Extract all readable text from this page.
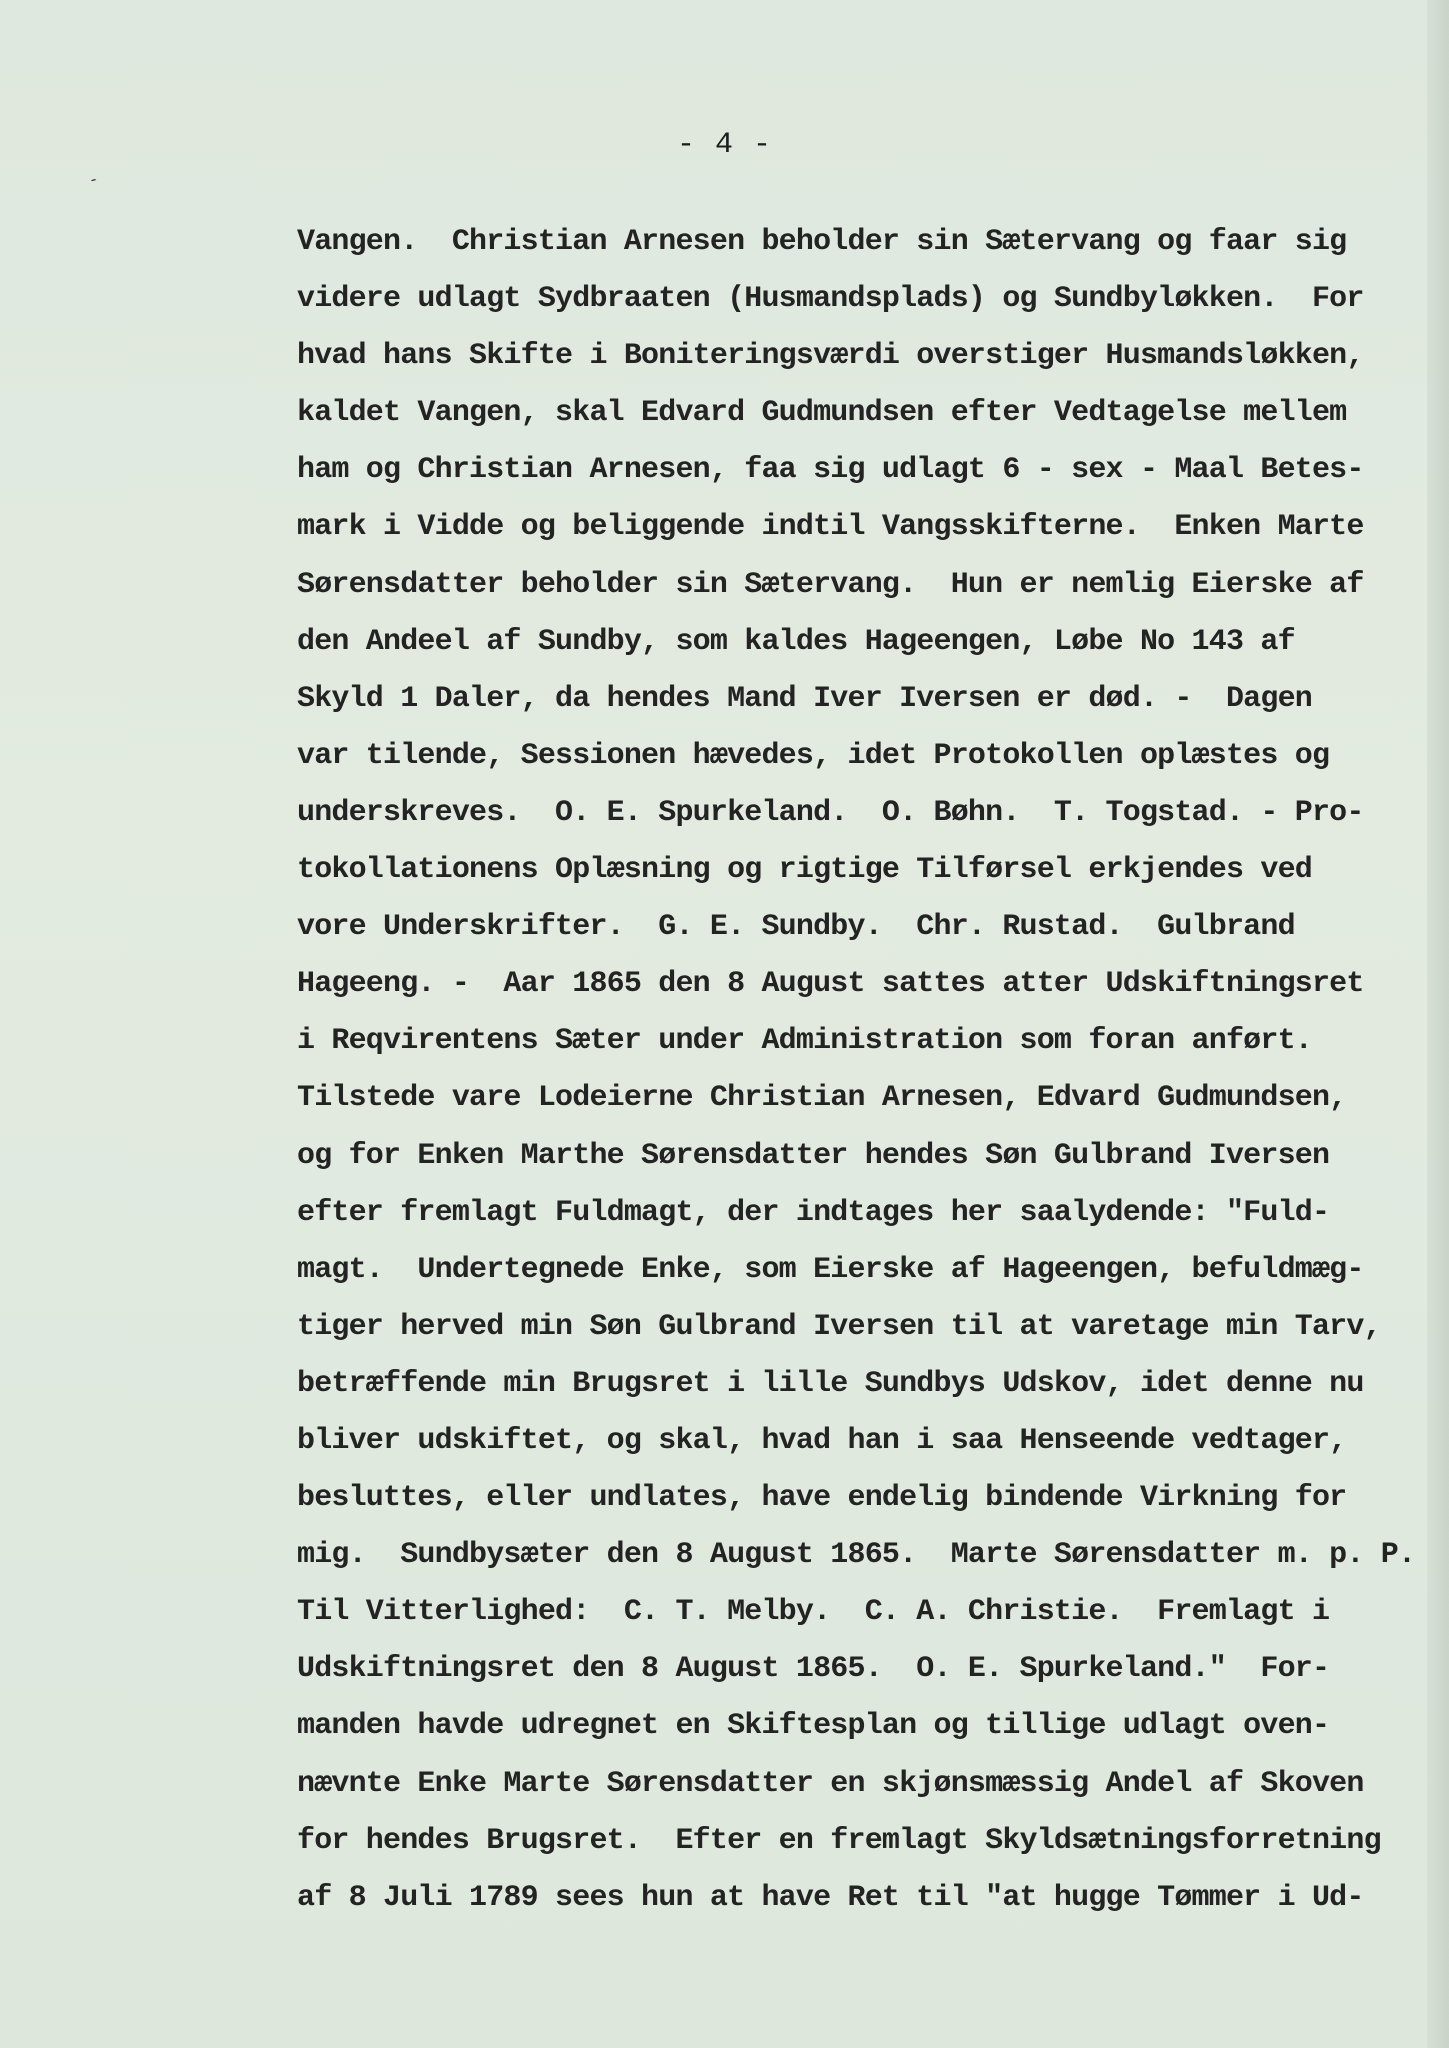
´
- 4 -
Vangen.  Christian Arnesen beholder sin Sætervang og faar sig
videre udlagt Sydbraaten (Husmandsplads) og Sundbyløkken.  For
hvad hans Skifte i Boniteringsværdi overstiger Husmandsløkken,
kaldet Vangen, skal Edvard Gudmundsen efter Vedtagelse mellem
ham og Christian Arnesen, faa sig udlagt 6 - sex - Maal Betes-
mark i Vidde og beliggende indtil Vangsskifterne.  Enken Marte
Sørensdatter beholder sin Sætervang.  Hun er nemlig Eierske af
den Andeel af Sundby, som kaldes Hageengen, Løbe No 143 af
Skyld 1 Daler, da hendes Mand Iver Iversen er død. -  Dagen
var tilende, Sessionen hævedes, idet Protokollen oplæstes og
underskreves.  O. E. Spurkeland.  O. Bøhn.  T. Togstad. - Pro-
tokollationens Oplæsning og rigtige Tilførsel erkjendes ved
vore Underskrifter.  G. E. Sundby.  Chr. Rustad.  Gulbrand
Hageeng. -  Aar 1865 den 8 August sattes atter Udskiftningsret
i Reqvirentens Sæter under Administration som foran anført.
Tilstede vare Lodeierne Christian Arnesen, Edvard Gudmundsen,
og for Enken Marthe Sørensdatter hendes Søn Gulbrand Iversen
efter fremlagt Fuldmagt, der indtages her saalydende: "Fuld-
magt.  Undertegnede Enke, som Eierske af Hageengen, befuldmæg-
tiger herved min Søn Gulbrand Iversen til at varetage min Tarv,
betræffende min Brugsret i lille Sundbys Udskov, idet denne nu
bliver udskiftet, og skal, hvad han i saa Henseende vedtager,
besluttes, eller undlates, have endelig bindende Virkning for
mig.  Sundbysæter den 8 August 1865.  Marte Sørensdatter m. p. P.
Til Vitterlighed:  C. T. Melby.  C. A. Christie.  Fremlagt i
Udskiftningsret den 8 August 1865.  O. E. Spurkeland."  For-
manden havde udregnet en Skiftesplan og tillige udlagt oven-
nævnte Enke Marte Sørensdatter en skjønsmæssig Andel af Skoven
for hendes Brugsret.  Efter en fremlagt Skyldsætningsforretning
af 8 Juli 1789 sees hun at have Ret til "at hugge Tømmer i Ud-
